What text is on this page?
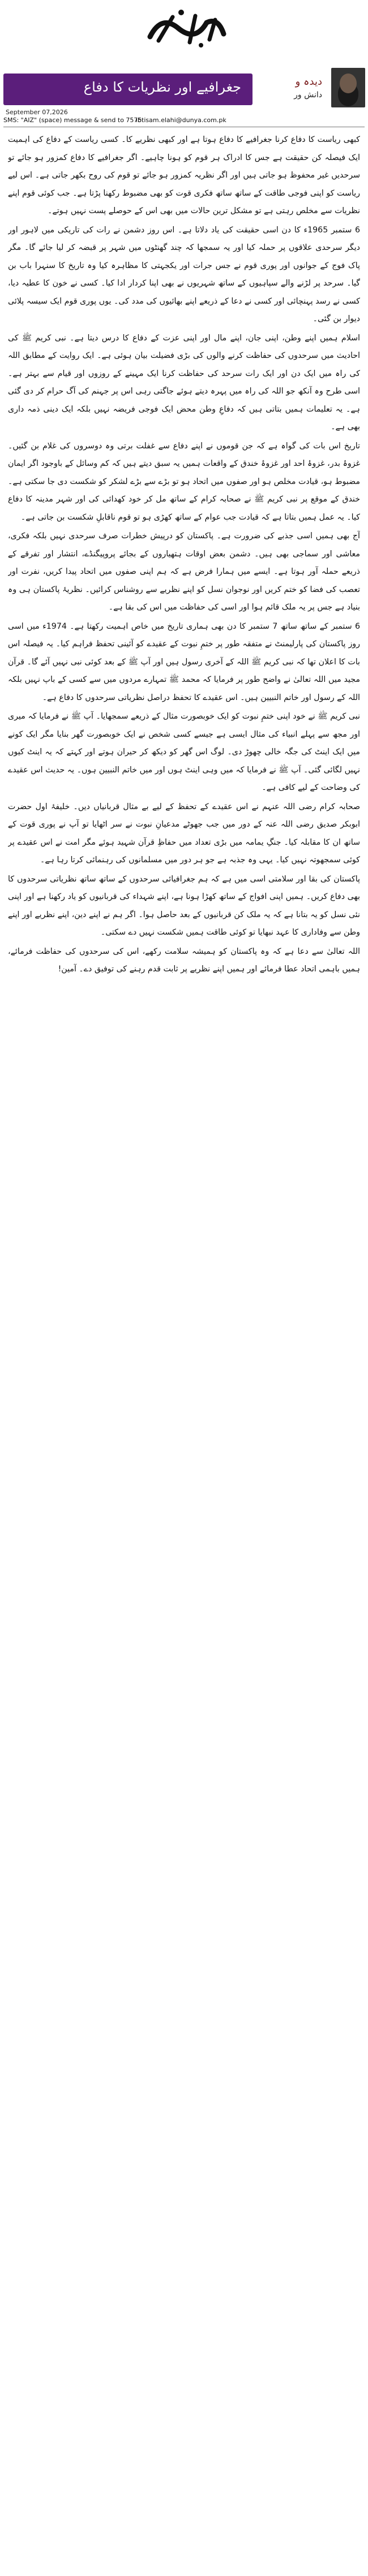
جغرافیے اور نظریات کا دفاع	دیدہ و
دانش ور
September 07,2026
SMS: "AIZ" (space) message & send to 7575
ibtisam.elahi@dunya.com.pk

کبھی ریاست کا دفاع کرنا جغرافیے کا دفاع ہوتا ہے اور کبھی نظریے کا۔ کسی ریاست کے دفاع کی اہمیت ایک فیصلہ کن حقیقت ہے جس کا ادراک ہر قوم کو ہونا چاہیے۔ اگر جغرافیے کا دفاع کمزور ہو جائے تو سرحدیں غیر محفوظ ہو جاتی ہیں اور اگر نظریہ کمزور ہو جائے تو قوم کی روح بکھر جاتی ہے۔ اس لیے ریاست کو اپنی فوجی طاقت کے ساتھ ساتھ فکری قوت کو بھی مضبوط رکھنا پڑتا ہے۔ جب کوئی قوم اپنے نظریات سے مخلص رہتی ہے تو مشکل ترین حالات میں بھی اس کے حوصلے پست نہیں ہوتے۔

6 ستمبر 1965ء کا دن اسی حقیقت کی یاد دلاتا ہے۔ اس روز دشمن نے رات کی تاریکی میں لاہور اور دیگر سرحدی علاقوں پر حملہ کیا اور یہ سمجھا کہ چند گھنٹوں میں شہر پر قبضہ کر لیا جائے گا۔ مگر پاک فوج کے جوانوں اور پوری قوم نے جس جرات اور یکجہتی کا مظاہرہ کیا وہ تاریخ کا سنہرا باب بن گیا۔ سرحد پر لڑنے والے سپاہیوں کے ساتھ شہریوں نے بھی اپنا کردار ادا کیا۔ کسی نے خون کا عطیہ دیا، کسی نے رسد پہنچائی اور کسی نے دعا کے ذریعے اپنے بھائیوں کی مدد کی۔ یوں پوری قوم ایک سیسہ پلائی دیوار بن گئی۔

اسلام ہمیں اپنے وطن، اپنی جان، اپنے مال اور اپنی عزت کے دفاع کا درس دیتا ہے۔ نبی کریم ﷺ کی احادیث میں سرحدوں کی حفاظت کرنے والوں کی بڑی فضیلت بیان ہوئی ہے۔ ایک روایت کے مطابق اللہ کی راہ میں ایک دن اور ایک رات سرحد کی حفاظت کرنا ایک مہینے کے روزوں اور قیام سے بہتر ہے۔ اسی طرح وہ آنکھ جو اللہ کی راہ میں پہرہ دیتے ہوئے جاگتی رہی اس پر جہنم کی آگ حرام کر دی گئی ہے۔ یہ تعلیمات ہمیں بتاتی ہیں کہ دفاعِ وطن محض ایک فوجی فریضہ نہیں بلکہ ایک دینی ذمہ داری بھی ہے۔

تاریخ اس بات کی گواہ ہے کہ جن قوموں نے اپنے دفاع سے غفلت برتی وہ دوسروں کی غلام بن گئیں۔ غزوۂ بدر، غزوۂ احد اور غزوۂ خندق کے واقعات ہمیں یہ سبق دیتے ہیں کہ کم وسائل کے باوجود اگر ایمان مضبوط ہو، قیادت مخلص ہو اور صفوں میں اتحاد ہو تو بڑے سے بڑے لشکر کو شکست دی جا سکتی ہے۔ خندق کے موقع پر نبی کریم ﷺ نے صحابہ کرام کے ساتھ مل کر خود کھدائی کی اور شہر مدینہ کا دفاع کیا۔ یہ عمل ہمیں بتاتا ہے کہ قیادت جب عوام کے ساتھ کھڑی ہو تو قوم ناقابلِ شکست بن جاتی ہے۔

آج بھی ہمیں اسی جذبے کی ضرورت ہے۔ پاکستان کو درپیش خطرات صرف سرحدی نہیں بلکہ فکری، معاشی اور سماجی بھی ہیں۔ دشمن بعض اوقات ہتھیاروں کے بجائے پروپیگنڈے، انتشار اور تفرقے کے ذریعے حملہ آور ہوتا ہے۔ ایسے میں ہمارا فرض ہے کہ ہم اپنی صفوں میں اتحاد پیدا کریں، نفرت اور تعصب کی فضا کو ختم کریں اور نوجوان نسل کو اپنے نظریے سے روشناس کرائیں۔ نظریۂ پاکستان ہی وہ بنیاد ہے جس پر یہ ملک قائم ہوا اور اسی کی حفاظت میں اس کی بقا ہے۔

6 ستمبر کے ساتھ ساتھ 7 ستمبر کا دن بھی ہماری تاریخ میں خاص اہمیت رکھتا ہے۔ 1974ء میں اسی روز پاکستان کی پارلیمنٹ نے متفقہ طور پر ختمِ نبوت کے عقیدے کو آئینی تحفظ فراہم کیا۔ یہ فیصلہ اس بات کا اعلان تھا کہ نبی کریم ﷺ اللہ کے آخری رسول ہیں اور آپ ﷺ کے بعد کوئی نبی نہیں آئے گا۔ قرآن مجید میں اللہ تعالیٰ نے واضح طور پر فرمایا کہ محمد ﷺ تمہارے مردوں میں سے کسی کے باپ نہیں بلکہ اللہ کے رسول اور خاتم النبیین ہیں۔ اس عقیدے کا تحفظ دراصل نظریاتی سرحدوں کا دفاع ہے۔

نبی کریم ﷺ نے خود اپنی ختمِ نبوت کو ایک خوبصورت مثال کے ذریعے سمجھایا۔ آپ ﷺ نے فرمایا کہ میری اور مجھ سے پہلے انبیاء کی مثال ایسی ہے جیسے کسی شخص نے ایک خوبصورت گھر بنایا مگر ایک کونے میں ایک اینٹ کی جگہ خالی چھوڑ دی۔ لوگ اس گھر کو دیکھ کر حیران ہوتے اور کہتے کہ یہ اینٹ کیوں نہیں لگائی گئی۔ آپ ﷺ نے فرمایا کہ میں وہی اینٹ ہوں اور میں خاتم النبیین ہوں۔ یہ حدیث اس عقیدے کی وضاحت کے لیے کافی ہے۔

صحابہ کرام رضی اللہ عنہم نے اس عقیدے کے تحفظ کے لیے بے مثال قربانیاں دیں۔ خلیفۂ اول حضرت ابوبکر صدیق رضی اللہ عنہ کے دور میں جب جھوٹے مدعیانِ نبوت نے سر اٹھایا تو آپ نے پوری قوت کے ساتھ ان کا مقابلہ کیا۔ جنگِ یمامہ میں بڑی تعداد میں حفاظِ قرآن شہید ہوئے مگر امت نے اس عقیدے پر کوئی سمجھوتہ نہیں کیا۔ یہی وہ جذبہ ہے جو ہر دور میں مسلمانوں کی رہنمائی کرتا رہا ہے۔

پاکستان کی بقا اور سلامتی اسی میں ہے کہ ہم جغرافیائی سرحدوں کے ساتھ ساتھ نظریاتی سرحدوں کا بھی دفاع کریں۔ ہمیں اپنی افواج کے ساتھ کھڑا ہونا ہے، اپنے شہداء کی قربانیوں کو یاد رکھنا ہے اور اپنی نئی نسل کو یہ بتانا ہے کہ یہ ملک کن قربانیوں کے بعد حاصل ہوا۔ اگر ہم نے اپنے دین، اپنے نظریے اور اپنے وطن سے وفاداری کا عہد نبھایا تو کوئی طاقت ہمیں شکست نہیں دے سکتی۔

اللہ تعالیٰ سے دعا ہے کہ وہ پاکستان کو ہمیشہ سلامت رکھے، اس کی سرحدوں کی حفاظت فرمائے، ہمیں باہمی اتحاد عطا فرمائے اور ہمیں اپنے نظریے پر ثابت قدم رہنے کی توفیق دے۔ آمین!
